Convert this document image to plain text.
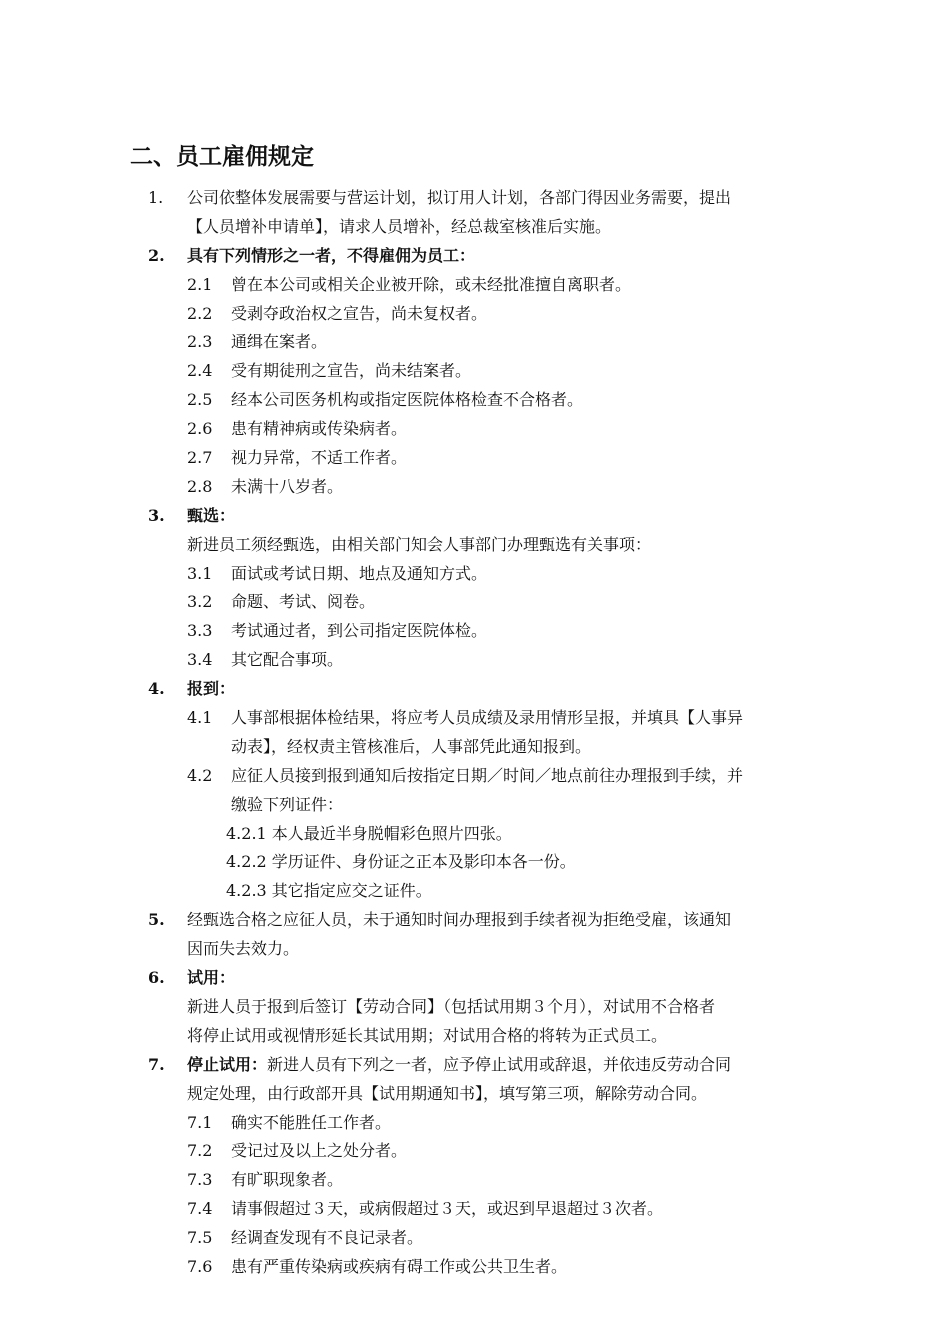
二、员工雇佣规定
1.	公司依整体发展需要与营运计划，拟订用人计划，各部门得因业务需要，提出
【人员增补申请单】，请求人员增补，经总裁室核准后实施。
2.	具有下列情形之一者，不得雇佣为员工：
2.1	曾在本公司或相关企业被开除，或未经批准擅自离职者。
2.2	受剥夺政治权之宣告，尚未复权者。
2.3	通缉在案者。
2.4	受有期徒刑之宣告，尚未结案者。
2.5	经本公司医务机构或指定医院体格检查不合格者。
2.6	患有精神病或传染病者。
2.7	视力异常，不适工作者。
2.8	未满十八岁者。
3.	甄选：
新进员工须经甄选，由相关部门知会人事部门办理甄选有关事项：
3.1	面试或考试日期、地点及通知方式。
3.2	命题、考试、阅卷。
3.3	考试通过者，到公司指定医院体检。
3.4	其它配合事项。
4.	报到：
4.1	人事部根据体检结果，将应考人员成绩及录用情形呈报，并填具【人事异
动表】，经权责主管核准后，人事部凭此通知报到。
4.2	应征人员接到报到通知后按指定日期／时间／地点前往办理报到手续，并
缴验下列证件：
4.2.1 本人最近半身脱帽彩色照片四张。
4.2.2 学历证件、身份证之正本及影印本各一份。
4.2.3 其它指定应交之证件。
5.	经甄选合格之应征人员，未于通知时间办理报到手续者视为拒绝受雇，该通知
因而失去效力。
6.	试用：
新进人员于报到后签订【劳动合同】（包括试用期３个月），对试用不合格者
将停止试用或视情形延长其试用期；对试用合格的将转为正式员工。
7.	停止试用：新进人员有下列之一者，应予停止试用或辞退，并依违反劳动合同
规定处理，由行政部开具【试用期通知书】，填写第三项，解除劳动合同。
7.1	确实不能胜任工作者。
7.2	受记过及以上之处分者。
7.3	有旷职现象者。
7.4	请事假超过３天，或病假超过３天，或迟到早退超过３次者。
7.5	经调查发现有不良记录者。
7.6	患有严重传染病或疾病有碍工作或公共卫生者。
